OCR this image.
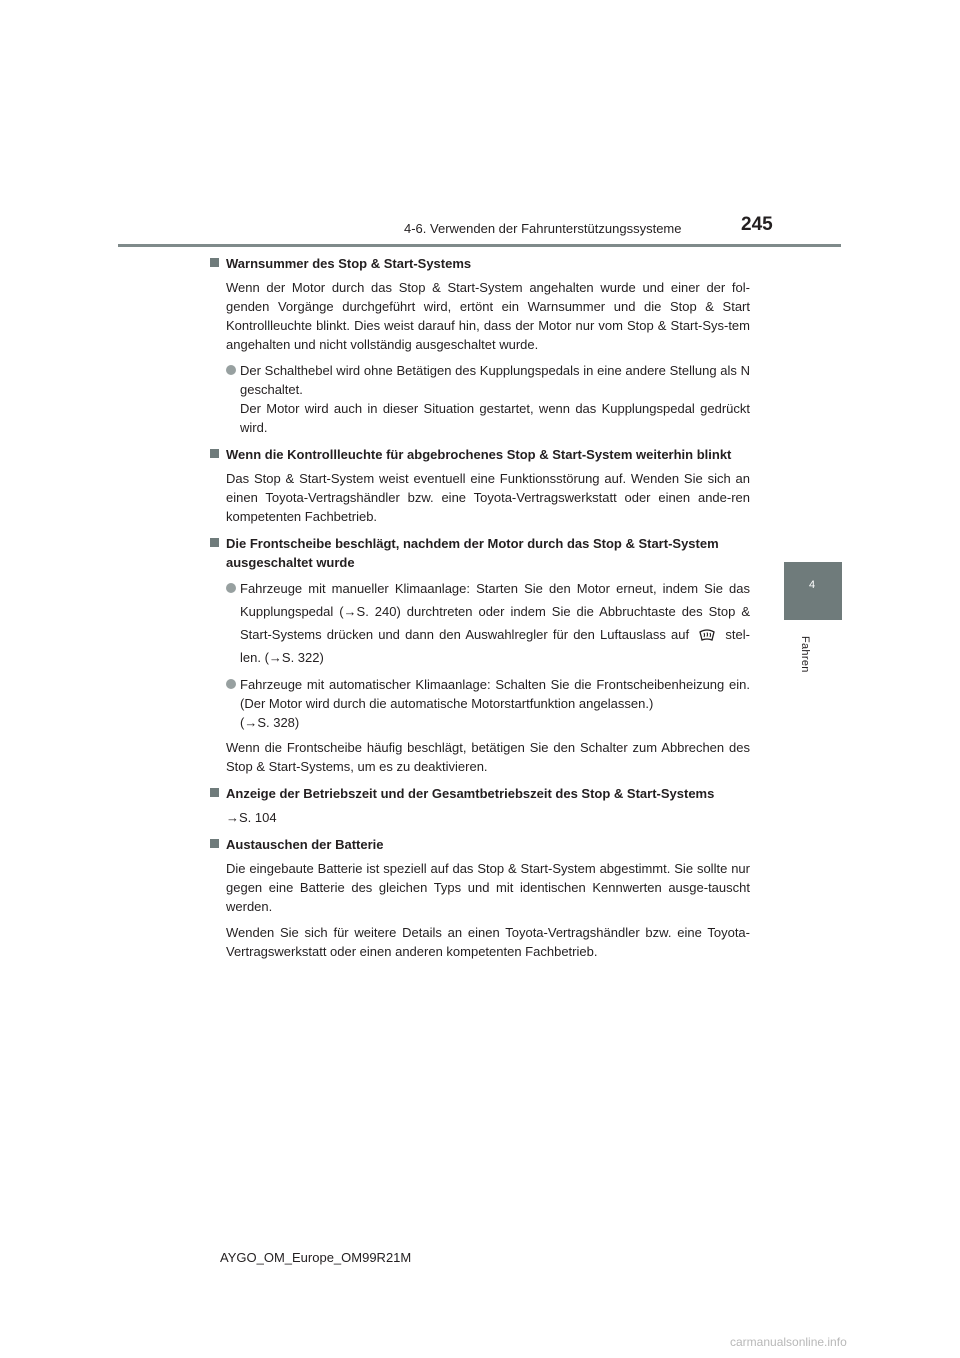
4-6. Verwenden der Fahrunterstützungssysteme	245
4
Fahren
Warnsummer des Stop & Start-Systems
Wenn der Motor durch das Stop & Start-System angehalten wurde und einer der fol-genden Vorgänge durchgeführt wird, ertönt ein Warnsummer und die Stop & Start Kontrollleuchte blinkt. Dies weist darauf hin, dass der Motor nur vom Stop & Start-Sys-tem angehalten und nicht vollständig ausgeschaltet wurde.
Der Schalthebel wird ohne Betätigen des Kupplungspedals in eine andere Stellung als N geschaltet.
Der Motor wird auch in dieser Situation gestartet, wenn das Kupplungspedal gedrückt wird.
Wenn die Kontrollleuchte für abgebrochenes Stop & Start-System weiterhin blinkt
Das Stop & Start-System weist eventuell eine Funktionsstörung auf. Wenden Sie sich an einen Toyota-Vertragshändler bzw. eine Toyota-Vertragswerkstatt oder einen ande-ren kompetenten Fachbetrieb.
Die Frontscheibe beschlägt, nachdem der Motor durch das Stop & Start-System ausgeschaltet wurde
Fahrzeuge mit manueller Klimaanlage: Starten Sie den Motor erneut, indem Sie das Kupplungspedal (→S. 240) durchtreten oder indem Sie die Abbruchtaste des Stop & Start-Systems drücken und dann den Auswahlregler für den Luftauslass auf	stel-len. (→S. 322)
Fahrzeuge mit automatischer Klimaanlage: Schalten Sie die Frontscheibenheizung ein. (Der Motor wird durch die automatische Motorstartfunktion angelassen.)
(→S. 328)
Wenn die Frontscheibe häufig beschlägt, betätigen Sie den Schalter zum Abbrechen des Stop & Start-Systems, um es zu deaktivieren.
Anzeige der Betriebszeit und der Gesamtbetriebszeit des Stop & Start-Systems
→S. 104
Austauschen der Batterie
Die eingebaute Batterie ist speziell auf das Stop & Start-System abgestimmt. Sie sollte nur gegen eine Batterie des gleichen Typs und mit identischen Kennwerten ausge-tauscht werden.
Wenden Sie sich für weitere Details an einen Toyota-Vertragshändler bzw. eine Toyota-Vertragswerkstatt oder einen anderen kompetenten Fachbetrieb.
AYGO_OM_Europe_OM99R21M
carmanualsonline.info
